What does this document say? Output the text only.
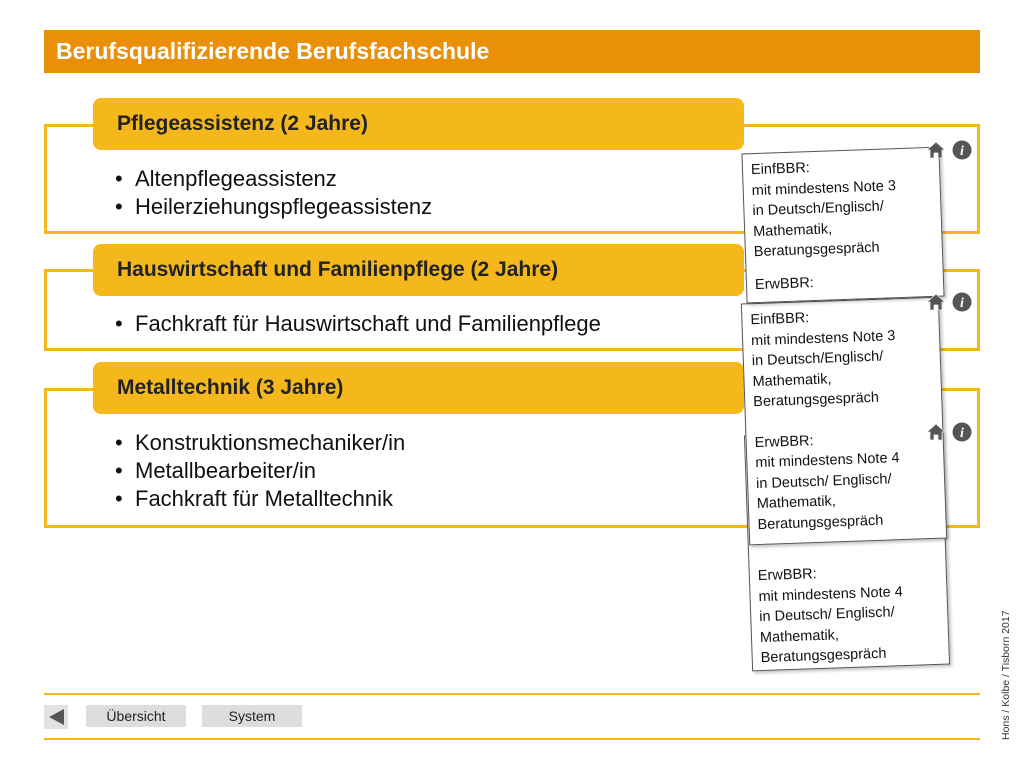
Berufsqualifizierende Berufsfachschule
• Altenpflegeassistenz
• Heilerziehungspflegeassistenz
Pflegeassistenz (2 Jahre)
• Fachkraft für Hauswirtschaft und Familienpflege
Hauswirtschaft und Familienpflege (2 Jahre)
• Konstruktionsmechaniker/in
• Metallbearbeiter/in
• Fachkraft für Metalltechnik
Metalltechnik (3 Jahre)
ErwBBR:
mit mindestens Note 4
in Deutsch/ Englisch/
Mathematik,
Beratungsgespräch
EinfBBR:
mit mindestens Note 3
in Deutsch/Englisch/
Mathematik,
Beratungsgespräch
ErwBBR:
mit mindestens Note 4
in Deutsch/ Englisch/
Mathematik,
Beratungsgespräch
EinfBBR:
mit mindestens Note 3
in Deutsch/Englisch/
Mathematik,
Beratungsgespräch
ErwBBR:
i
i
i
Übersicht	System	Hons / Kolbe / Tisborn 2017
